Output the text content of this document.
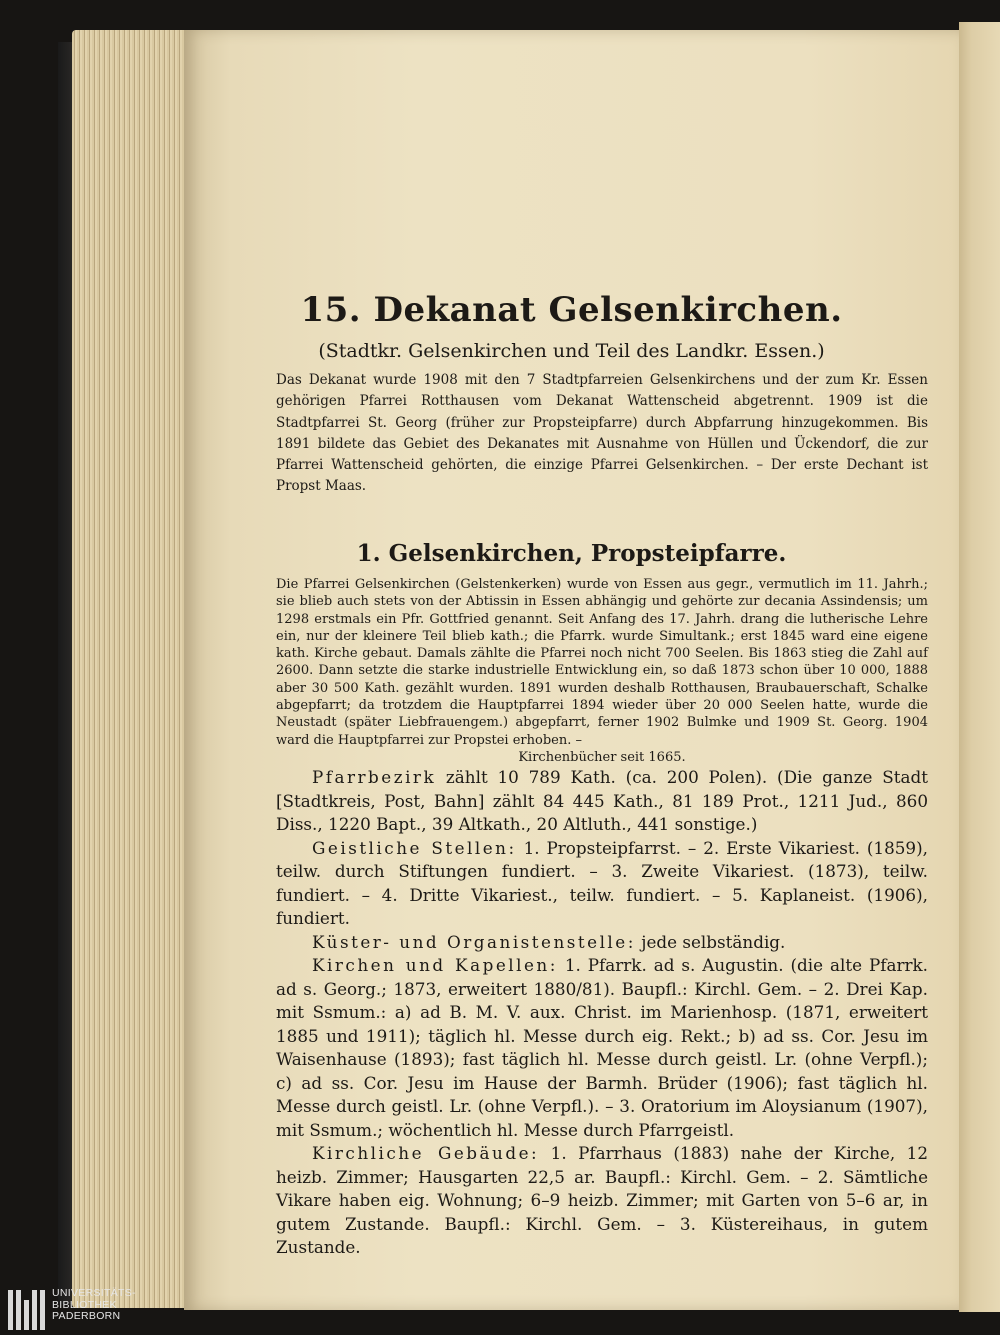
15. Dekanat Gelsenkirchen.
(Stadtkr. Gelsenkirchen und Teil des Landkr. Essen.)
Das Dekanat wurde 1908 mit den 7 Stadtpfarreien Gelsenkirchens und der zum Kr. Essen gehörigen Pfarrei Rotthausen vom Dekanat Wattenscheid abgetrennt. 1909 ist die Stadtpfarrei St. Georg (früher zur Propsteipfarre) durch Abpfarrung hinzugekommen. Bis 1891 bildete das Gebiet des Dekanates mit Ausnahme von Hüllen und Ückendorf, die zur Pfarrei Wattenscheid gehörten, die einzige Pfarrei Gelsenkirchen. – Der erste Dechant ist Propst Maas.
1. Gelsenkirchen, Propsteipfarre.
Die Pfarrei Gelsenkirchen (Gelstenkerken) wurde von Essen aus gegr., vermutlich im 11. Jahrh.; sie blieb auch stets von der Abtissin in Essen abhängig und gehörte zur decania Assindensis; um 1298 erstmals ein Pfr. Gottfried genannt. Seit Anfang des 17. Jahrh. drang die lutherische Lehre ein, nur der kleinere Teil blieb kath.; die Pfarrk. wurde Simultank.; erst 1845 ward eine eigene kath. Kirche gebaut. Damals zählte die Pfarrei noch nicht 700 Seelen. Bis 1863 stieg die Zahl auf 2600. Dann setzte die starke industrielle Entwicklung ein, so daß 1873 schon über 10 000, 1888 aber 30 500 Kath. gezählt wurden. 1891 wurden deshalb Rotthausen, Braubauerschaft, Schalke abgepfarrt; da trotzdem die Hauptpfarrei 1894 wieder über 20 000 Seelen hatte, wurde die Neustadt (später Liebfrauengem.) abgepfarrt, ferner 1902 Bulmke und 1909 St. Georg. 1904 ward die Hauptpfarrei zur Propstei erhoben. –
Kirchenbücher seit 1665.

Pfarrbezirk zählt 10 789 Kath. (ca. 200 Polen). (Die ganze Stadt [Stadtkreis, Post, Bahn] zählt 84 445 Kath., 81 189 Prot., 1211 Jud., 860 Diss., 1220 Bapt., 39 Altkath., 20 Altluth., 441 sonstige.)

Geistliche Stellen: 1. Propsteipfarrst. – 2. Erste Vikariest. (1859), teilw. durch Stiftungen fundiert. – 3. Zweite Vikariest. (1873), teilw. fundiert. – 4. Dritte Vikariest., teilw. fundiert. – 5. Kaplaneist. (1906), fundiert.

Küster- und Organistenstelle: jede selbständig.

Kirchen und Kapellen: 1. Pfarrk. ad s. Augustin. (die alte Pfarrk. ad s. Georg.; 1873, erweitert 1880/81). Baupfl.: Kirchl. Gem. – 2. Drei Kap. mit Ssmum.: a) ad B. M. V. aux. Christ. im Marienhosp. (1871, erweitert 1885 und 1911); täglich hl. Messe durch eig. Rekt.; b) ad ss. Cor. Jesu im Waisenhause (1893); fast täglich hl. Messe durch geistl. Lr. (ohne Verpfl.); c) ad ss. Cor. Jesu im Hause der Barmh. Brüder (1906); fast täglich hl. Messe durch geistl. Lr. (ohne Verpfl.). – 3. Oratorium im Aloysianum (1907), mit Ssmum.; wöchentlich hl. Messe durch Pfarrgeistl.

Kirchliche Gebäude: 1. Pfarrhaus (1883) nahe der Kirche, 12 heizb. Zimmer; Hausgarten 22,5 ar. Baupfl.: Kirchl. Gem. – 2. Sämtliche Vikare haben eig. Wohnung; 6–9 heizb. Zimmer; mit Garten von 5–6 ar, in gutem Zustande. Baupfl.: Kirchl. Gem. – 3. Küstereihaus, in gutem Zustande.

UNIVERSITÄTS-
BIBLIOTHEK
PADERBORN
